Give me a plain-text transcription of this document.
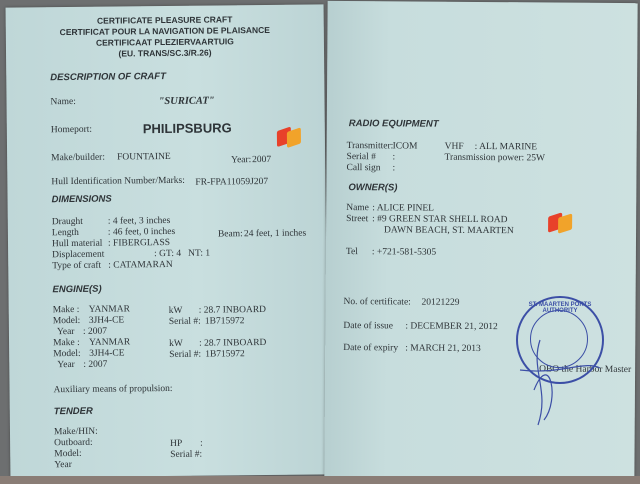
CERTIFICATE PLEASURE CRAFT
CERTIFICAT POUR LA NAVIGATION DE PLAISANCE
CERTIFICAAT PLEZIERVAARTUIG
(EU. TRANS/SC.3/R.26)
DESCRIPTION OF CRAFT
Name:	"SURICAT"
Homeport:	PHILIPSBURG
Make/builder: FOUNTAINE	Year: 2007
Hull Identification Number/Marks: FR-FPA11059J207
DIMENSIONS
Draught	: 4 feet, 3 inches
Length	: 46 feet, 0 inches	Beam: 24 feet, 1 inches
Hull material : FIBERGLASS
Displacement	: GT: 4 NT: 1
Type of craft : CATAMARAN
ENGINE(S)
Make : YANMAR	kW : 28.7 INBOARD
Model: 3JH4-CE	Serial #: 1B715972
Year : 2007
Make : YANMAR	kW : 28.7 INBOARD
Model: 3JH4-CE	Serial #: 1B715972
Year : 2007
Auxiliary means of propulsion:
TENDER
Make/HIN:
Outboard:	HP :
Model:	Serial #:
Year
RADIO EQUIPMENT
Transmitter: ICOM	VHF : ALL MARINE
Serial # :	Transmission power: 25W
Call sign :
OWNER(S)
Name : ALICE PINEL
Street : #9 GREEN STAR SHELL ROAD
DAWN BEACH, ST. MAARTEN
Tel : +721-581-5305
No. of certificate: 20121229
Date of issue : DECEMBER 21, 2012
Date of expiry : MARCH 21, 2013
OBO the Harbor Master
ST. MAARTEN PORTS AUTHORITY
